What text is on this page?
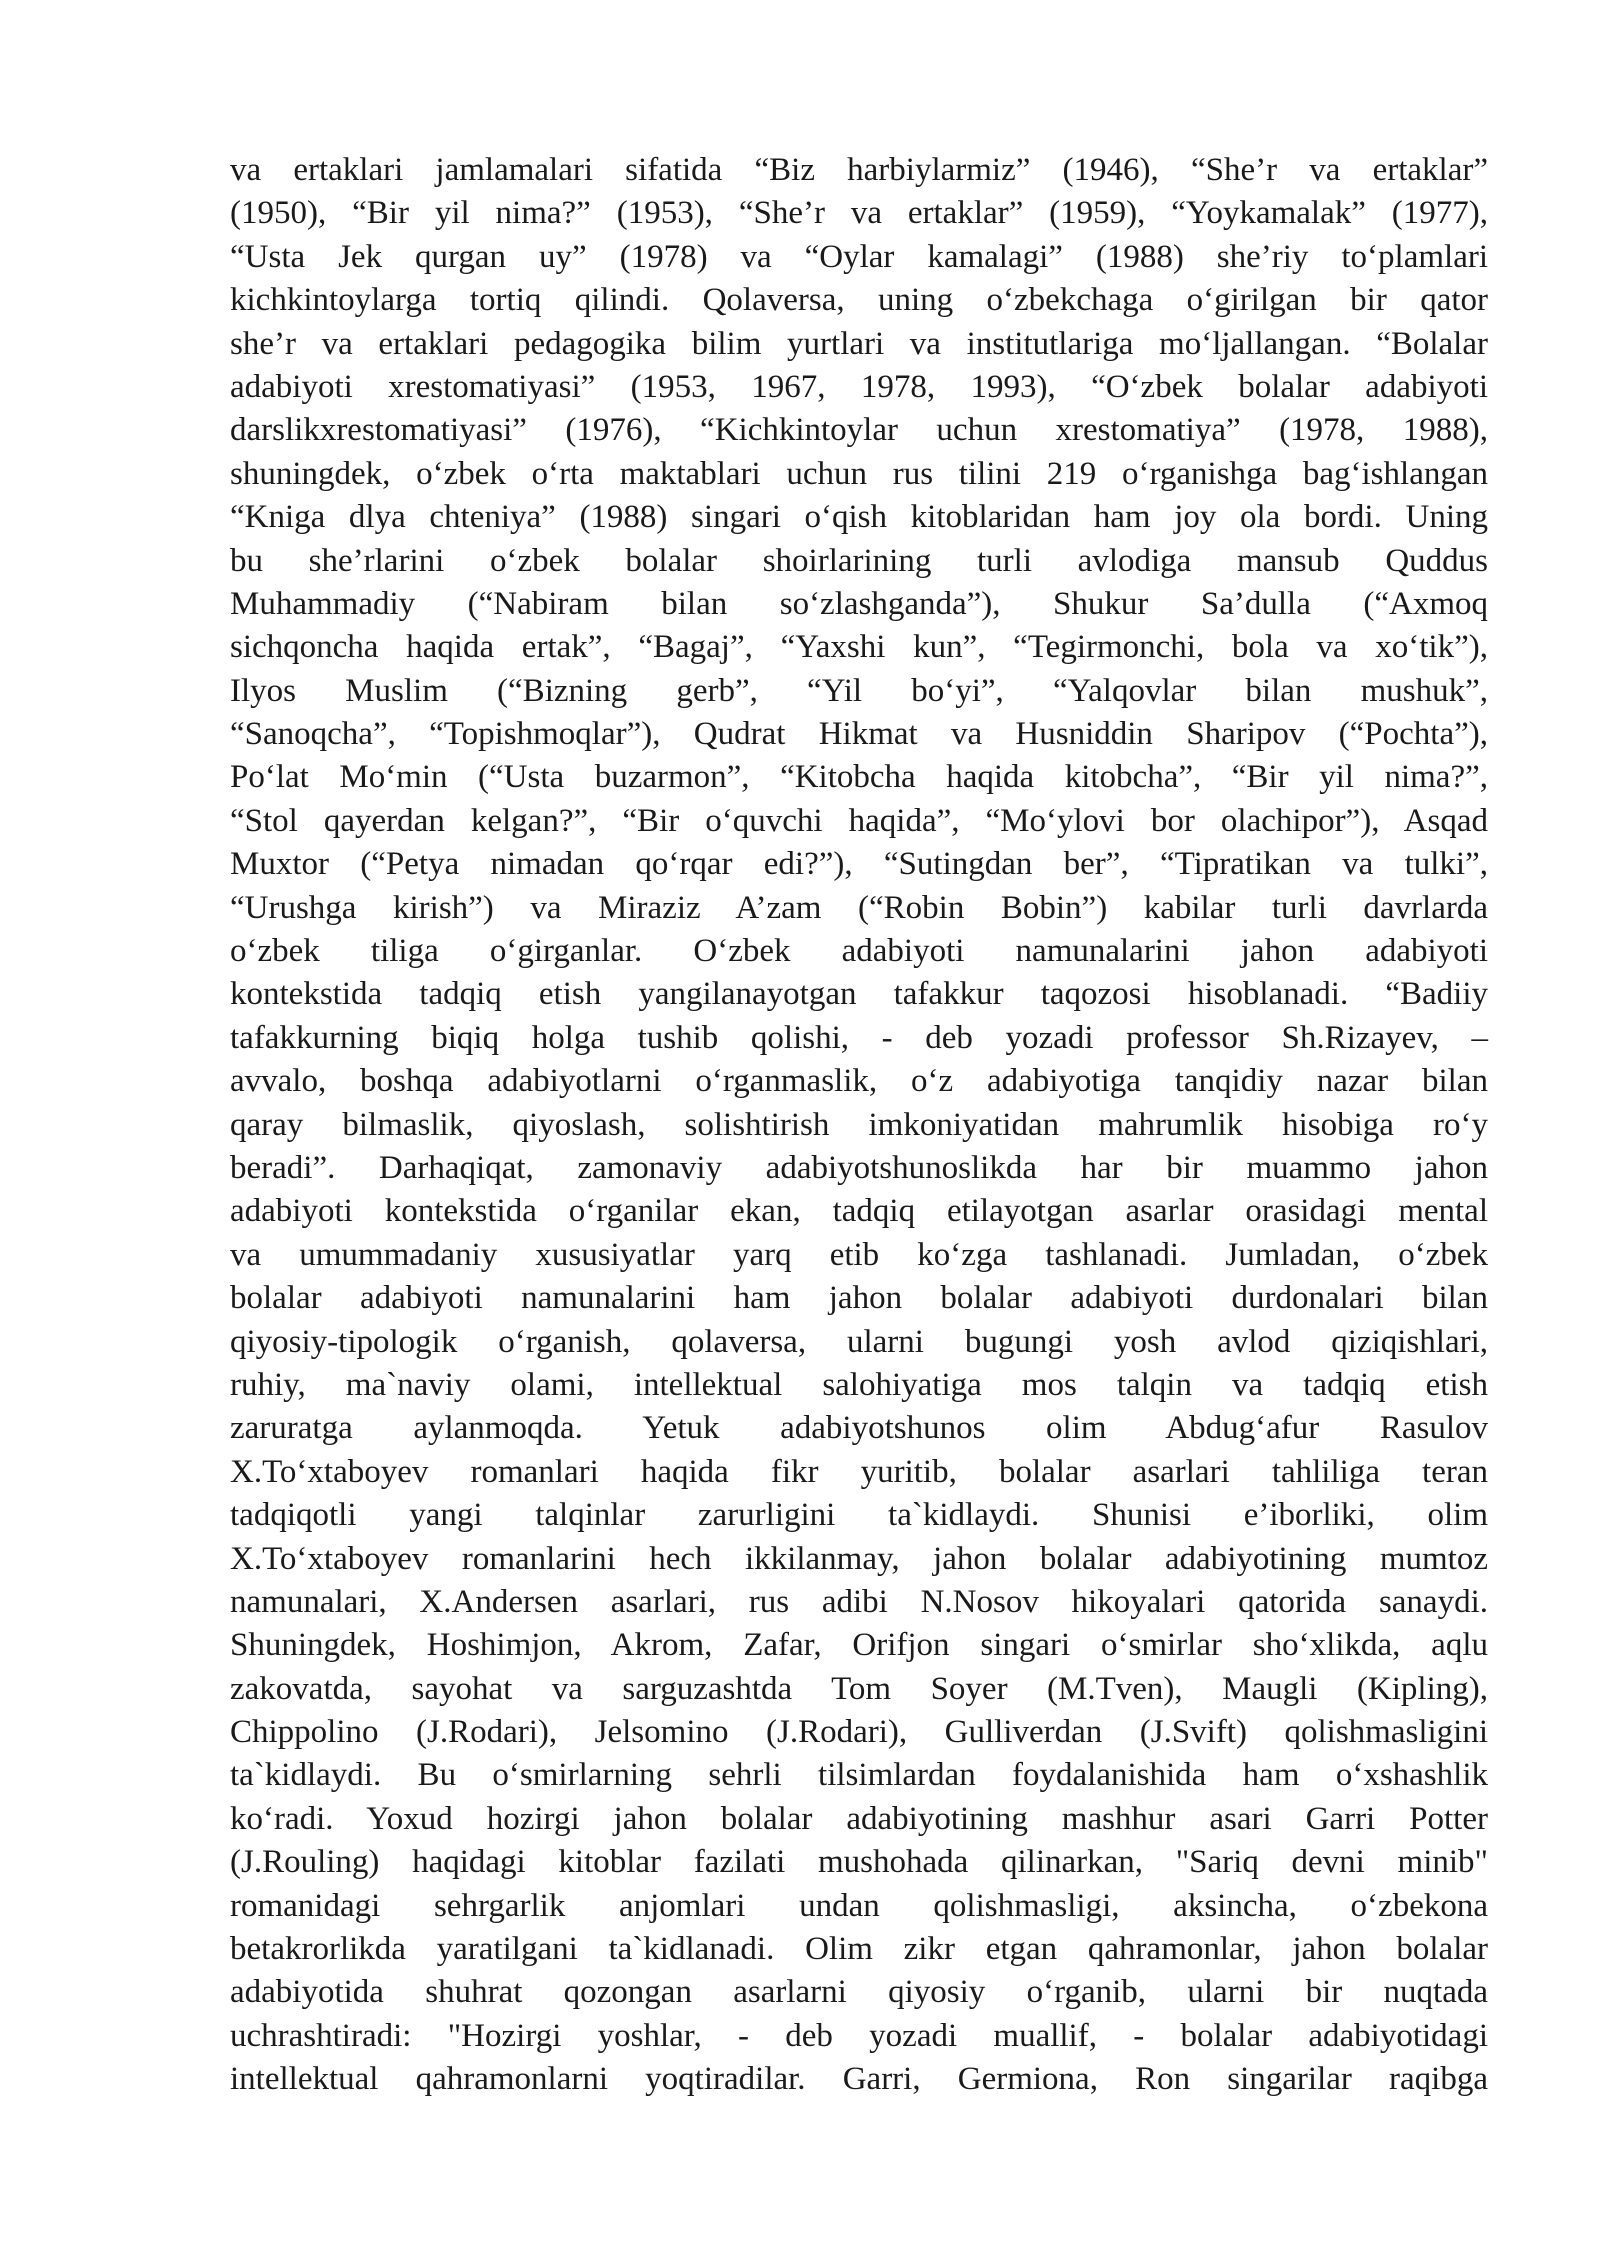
va ertaklari jamlamalari sifatida “Biz harbiylarmiz” (1946), “She’r va ertaklar”
(1950), “Bir yil nima?” (1953), “She’r va ertaklar” (1959), “Yoykamalak” (1977),
“Usta Jek qurgan uy” (1978) va “Oylar kamalagi” (1988) she’riy toʻplamlari
kichkintoylarga tortiq qilindi. Qolaversa, uning oʻzbekchaga oʻgirilgan bir qator
she’r va ertaklari pedagogika bilim yurtlari va institutlariga moʻljallangan. “Bolalar
adabiyoti xrestomatiyasi” (1953, 1967, 1978, 1993), “Oʻzbek bolalar adabiyoti
darslikxrestomatiyasi” (1976), “Kichkintoylar uchun xrestomatiya” (1978, 1988),
shuningdek, oʻzbek oʻrta maktablari uchun rus tilini 219 oʻrganishga bagʻishlangan
“Kniga dlya chteniya” (1988) singari oʻqish kitoblaridan ham joy ola bordi. Uning
bu she’rlarini oʻzbek bolalar shoirlarining turli avlodiga mansub Quddus
Muhammadiy (“Nabiram bilan soʻzlashganda”), Shukur Sa’dulla (“Axmoq
sichqoncha haqida ertak”, “Bagaj”, “Yaxshi kun”, “Tegirmonchi, bola va xoʻtik”),
Ilyos Muslim (“Bizning gerb”, “Yil boʻyi”, “Yalqovlar bilan mushuk”,
“Sanoqcha”, “Topishmoqlar”), Qudrat Hikmat va Husniddin Sharipov (“Pochta”),
Poʻlat Moʻmin (“Usta buzarmon”, “Kitobcha haqida kitobcha”, “Bir yil nima?”,
“Stol qayerdan kelgan?”, “Bir oʻquvchi haqida”, “Moʻylovi bor olachipor”), Asqad
Muxtor (“Petya nimadan qoʻrqar edi?”), “Sutingdan ber”, “Tipratikan va tulki”,
“Urushga kirish”) va Miraziz A’zam (“Robin Bobin”) kabilar turli davrlarda
oʻzbek tiliga oʻgirganlar. Oʻzbek adabiyoti namunalarini jahon adabiyoti
kontekstida tadqiq etish yangilanayotgan tafakkur taqozosi hisoblanadi. “Badiiy
tafakkurning biqiq holga tushib qolishi, - deb yozadi professor Sh.Rizayev, –
avvalo, boshqa adabiyotlarni oʻrganmaslik, oʻz adabiyotiga tanqidiy nazar bilan
qaray bilmaslik, qiyoslash, solishtirish imkoniyatidan mahrumlik hisobiga roʻy
beradi”. Darhaqiqat, zamonaviy adabiyotshunoslikda har bir muammo jahon
adabiyoti kontekstida oʻrganilar ekan, tadqiq etilayotgan asarlar orasidagi mental
va umummadaniy xususiyatlar yarq etib koʻzga tashlanadi. Jumladan, oʻzbek
bolalar adabiyoti namunalarini ham jahon bolalar adabiyoti durdonalari bilan
qiyosiy-tipologik oʻrganish, qolaversa, ularni bugungi yosh avlod qiziqishlari,
ruhiy, ma`naviy olami, intellektual salohiyatiga mos talqin va tadqiq etish
zaruratga aylanmoqda. Yetuk adabiyotshunos olim Abdugʻafur Rasulov
X.Toʻxtaboyev romanlari haqida fikr yuritib, bolalar asarlari tahliliga teran
tadqiqotli yangi talqinlar zarurligini ta`kidlaydi. Shunisi e’iborliki, olim
X.Toʻxtaboyev romanlarini hech ikkilanmay, jahon bolalar adabiyotining mumtoz
namunalari, X.Andersen asarlari, rus adibi N.Nosov hikoyalari qatorida sanaydi.
Shuningdek, Hoshimjon, Akrom, Zafar, Orifjon singari oʻsmirlar shoʻxlikda, aqlu
zakovatda, sayohat va sarguzashtda Tom Soyer (M.Tven), Maugli (Kipling),
Chippolino (J.Rodari), Jelsomino (J.Rodari), Gulliverdan (J.Svift) qolishmasligini
ta`kidlaydi. Bu oʻsmirlarning sehrli tilsimlardan foydalanishida ham oʻxshashlik
koʻradi. Yoxud hozirgi jahon bolalar adabiyotining mashhur asari Garri Potter
(J.Rouling) haqidagi kitoblar fazilati mushohada qilinarkan, "Sariq devni minib"
romanidagi sehrgarlik anjomlari undan qolishmasligi, aksincha, oʻzbekona
betakrorlikda yaratilgani ta`kidlanadi. Olim zikr etgan qahramonlar, jahon bolalar
adabiyotida shuhrat qozongan asarlarni qiyosiy oʻrganib, ularni bir nuqtada
uchrashtiradi: "Hozirgi yoshlar, - deb yozadi muallif, - bolalar adabiyotidagi
intellektual qahramonlarni yoqtiradilar. Garri, Germiona, Ron singarilar raqibga
